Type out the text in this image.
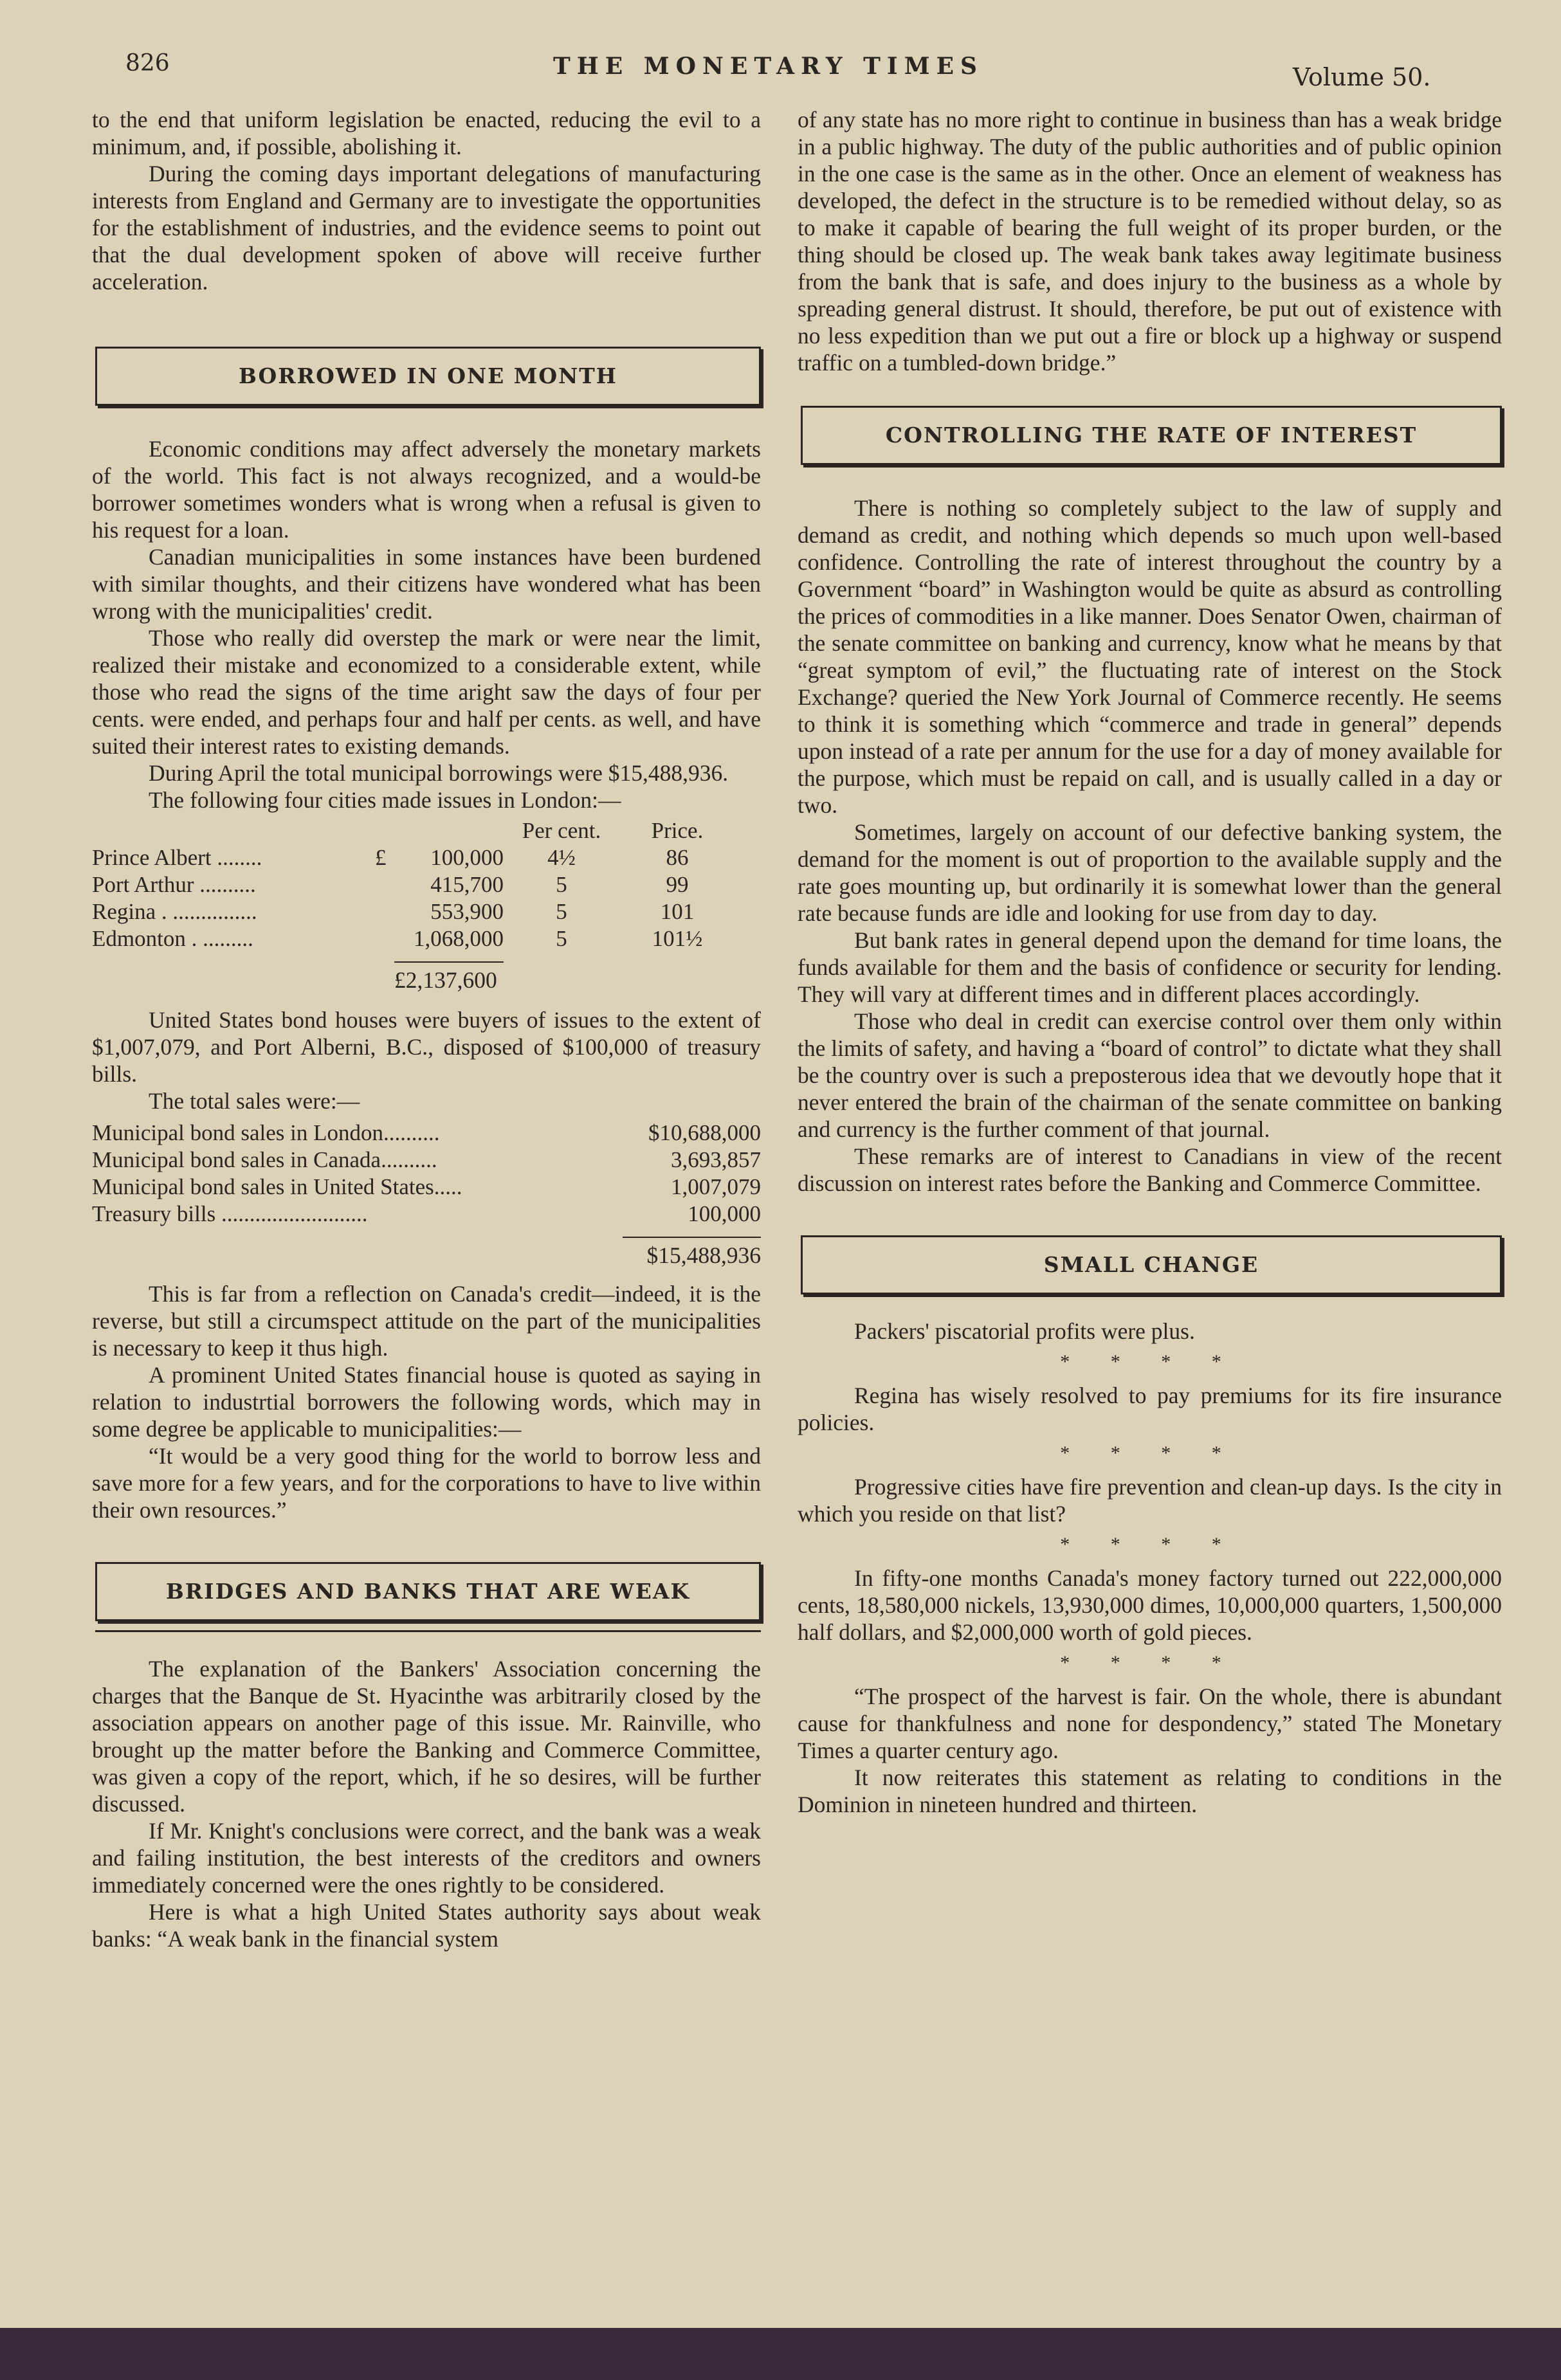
826	THE MONETARY TIMES	Volume 50.

to the end that uniform legislation be enacted, reducing the evil to a minimum, and, if possible, abolishing it.

During the coming days important delegations of manufacturing interests from England and Germany are to investigate the opportunities for the establishment of industries, and the evidence seems to point out that the dual development spoken of above will receive further acceleration.

BORROWED IN ONE MONTH

Economic conditions may affect adversely the monetary markets of the world. This fact is not always recognized, and a would-be borrower sometimes wonders what is wrong when a refusal is given to his request for a loan.

Canadian municipalities in some instances have been burdened with similar thoughts, and their citizens have wondered what has been wrong with the municipalities' credit.

Those who really did overstep the mark or were near the limit, realized their mistake and economized to a considerable extent, while those who read the signs of the time aright saw the days of four per cents. were ended, and perhaps four and half per cents. as well, and have suited their interest rates to existing demands.

During April the total municipal borrowings were $15,488,936.

The following four cities made issues in London:—

		Per cent.	Price.
Prince Albert ........	£ 100,000	4½	86
Port Arthur ..........	415,700	5	99
Regina . ...............	553,900	5	101
Edmonton . .........	1,068,000	5	101½
£2,137,600

United States bond houses were buyers of issues to the extent of $1,007,079, and Port Alberni, B.C., disposed of $100,000 of treasury bills.

The total sales were:—

Municipal bond sales in London..........	$10,688,000
Municipal bond sales in Canada..........	3,693,857
Municipal bond sales in United States.....	1,007,079
Treasury bills ..........................	100,000
$15,488,936

This is far from a reflection on Canada's credit—indeed, it is the reverse, but still a circumspect attitude on the part of the municipalities is necessary to keep it thus high.

A prominent United States financial house is quoted as saying in relation to industrtial borrowers the following words, which may in some degree be applicable to municipalities:—

“It would be a very good thing for the world to borrow less and save more for a few years, and for the corporations to have to live within their own resources.”

BRIDGES AND BANKS THAT ARE WEAK

The explanation of the Bankers' Association concerning the charges that the Banque de St. Hyacinthe was arbitrarily closed by the association appears on another page of this issue. Mr. Rainville, who brought up the matter before the Banking and Commerce Committee, was given a copy of the report, which, if he so desires, will be further discussed.

If Mr. Knight's conclusions were correct, and the bank was a weak and failing institution, the best interests of the creditors and owners immediately concerned were the ones rightly to be considered.

Here is what a high United States authority says about weak banks: “A weak bank in the financial system

of any state has no more right to continue in business than has a weak bridge in a public highway. The duty of the public authorities and of public opinion in the one case is the same as in the other. Once an element of weakness has developed, the defect in the structure is to be remedied without delay, so as to make it capable of bearing the full weight of its proper burden, or the thing should be closed up. The weak bank takes away legitimate business from the bank that is safe, and does injury to the business as a whole by spreading general distrust. It should, therefore, be put out of existence with no less expedition than we put out a fire or block up a highway or suspend traffic on a tumbled-down bridge.”

CONTROLLING THE RATE OF INTEREST

There is nothing so completely subject to the law of supply and demand as credit, and nothing which depends so much upon well-based confidence. Controlling the rate of interest throughout the country by a Government “board” in Washington would be quite as absurd as controlling the prices of commodities in a like manner. Does Senator Owen, chairman of the senate committee on banking and currency, know what he means by that “great symptom of evil,” the fluctuating rate of interest on the Stock Exchange? queried the New York Journal of Commerce recently. He seems to think it is something which “commerce and trade in general” depends upon instead of a rate per annum for the use for a day of money available for the purpose, which must be repaid on call, and is usually called in a day or two.

Sometimes, largely on account of our defective banking system, the demand for the moment is out of proportion to the available supply and the rate goes mounting up, but ordinarily it is somewhat lower than the general rate because funds are idle and looking for use from day to day.

But bank rates in general depend upon the demand for time loans, the funds available for them and the basis of confidence or security for lending. They will vary at different times and in different places accordingly.

Those who deal in credit can exercise control over them only within the limits of safety, and having a “board of control” to dictate what they shall be the country over is such a preposterous idea that we devoutly hope that it never entered the brain of the chairman of the senate committee on banking and currency is the further comment of that journal.

These remarks are of interest to Canadians in view of the recent discussion on interest rates before the Banking and Commerce Committee.

SMALL CHANGE

Packers' piscatorial profits were plus.

* * * *

Regina has wisely resolved to pay premiums for its fire insurance policies.

* * * *

Progressive cities have fire prevention and clean-up days. Is the city in which you reside on that list?

* * * *

In fifty-one months Canada's money factory turned out 222,000,000 cents, 18,580,000 nickels, 13,930,000 dimes, 10,000,000 quarters, 1,500,000 half dollars, and $2,000,000 worth of gold pieces.

* * * *

“The prospect of the harvest is fair. On the whole, there is abundant cause for thankfulness and none for despondency,” stated The Monetary Times a quarter century ago.

It now reiterates this statement as relating to conditions in the Dominion in nineteen hundred and thirteen.
